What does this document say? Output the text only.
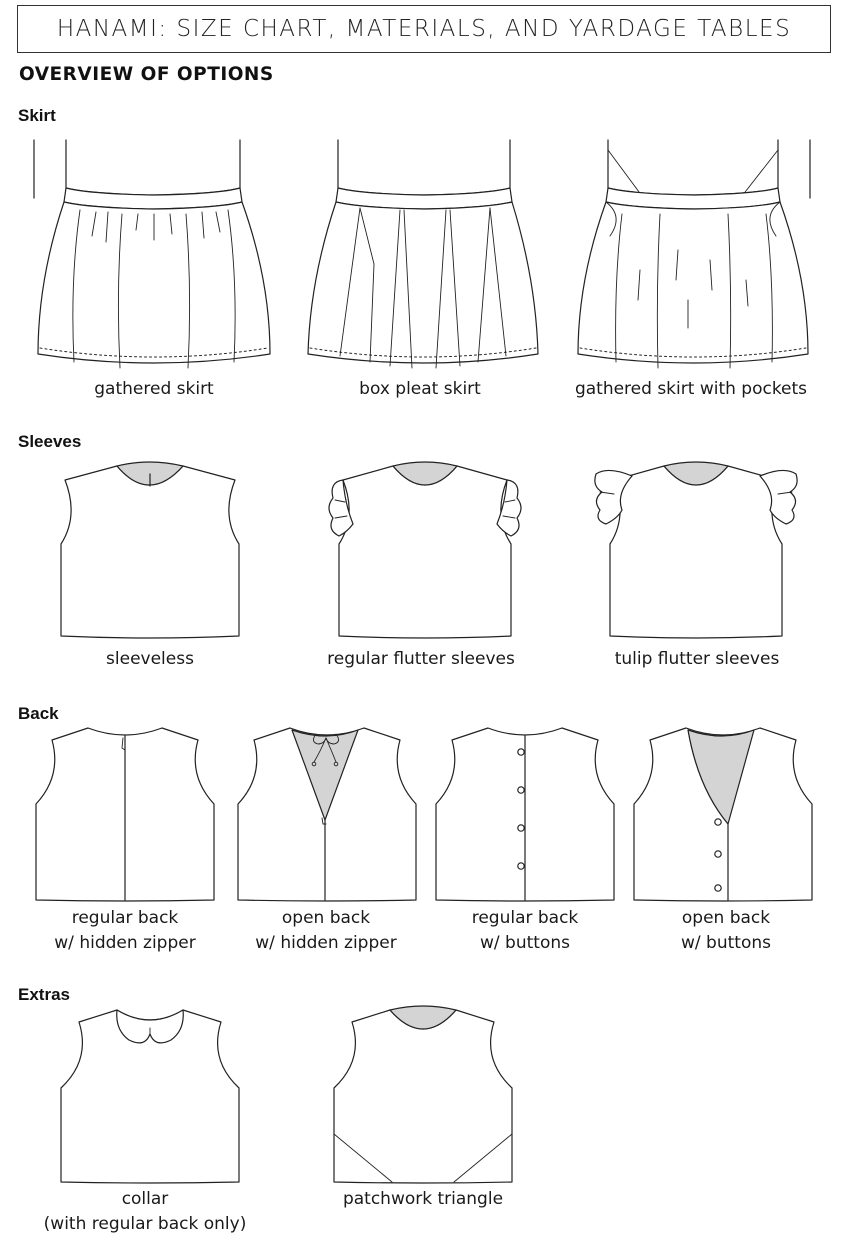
HANAMI: SIZE CHART, MATERIALS, AND YARDAGE TABLES
OVERVIEW OF OPTIONS
Skirt
gathered skirt	box pleat skirt	gathered skirt with pockets
Sleeves
sleeveless	regular flutter sleeves	tulip flutter sleeves
Back
regular back
w/ hidden zipper
open back
w/ hidden zipper
regular back
w/ buttons
open back
w/ buttons
Extras
collar
(with regular back only)
patchwork triangle
